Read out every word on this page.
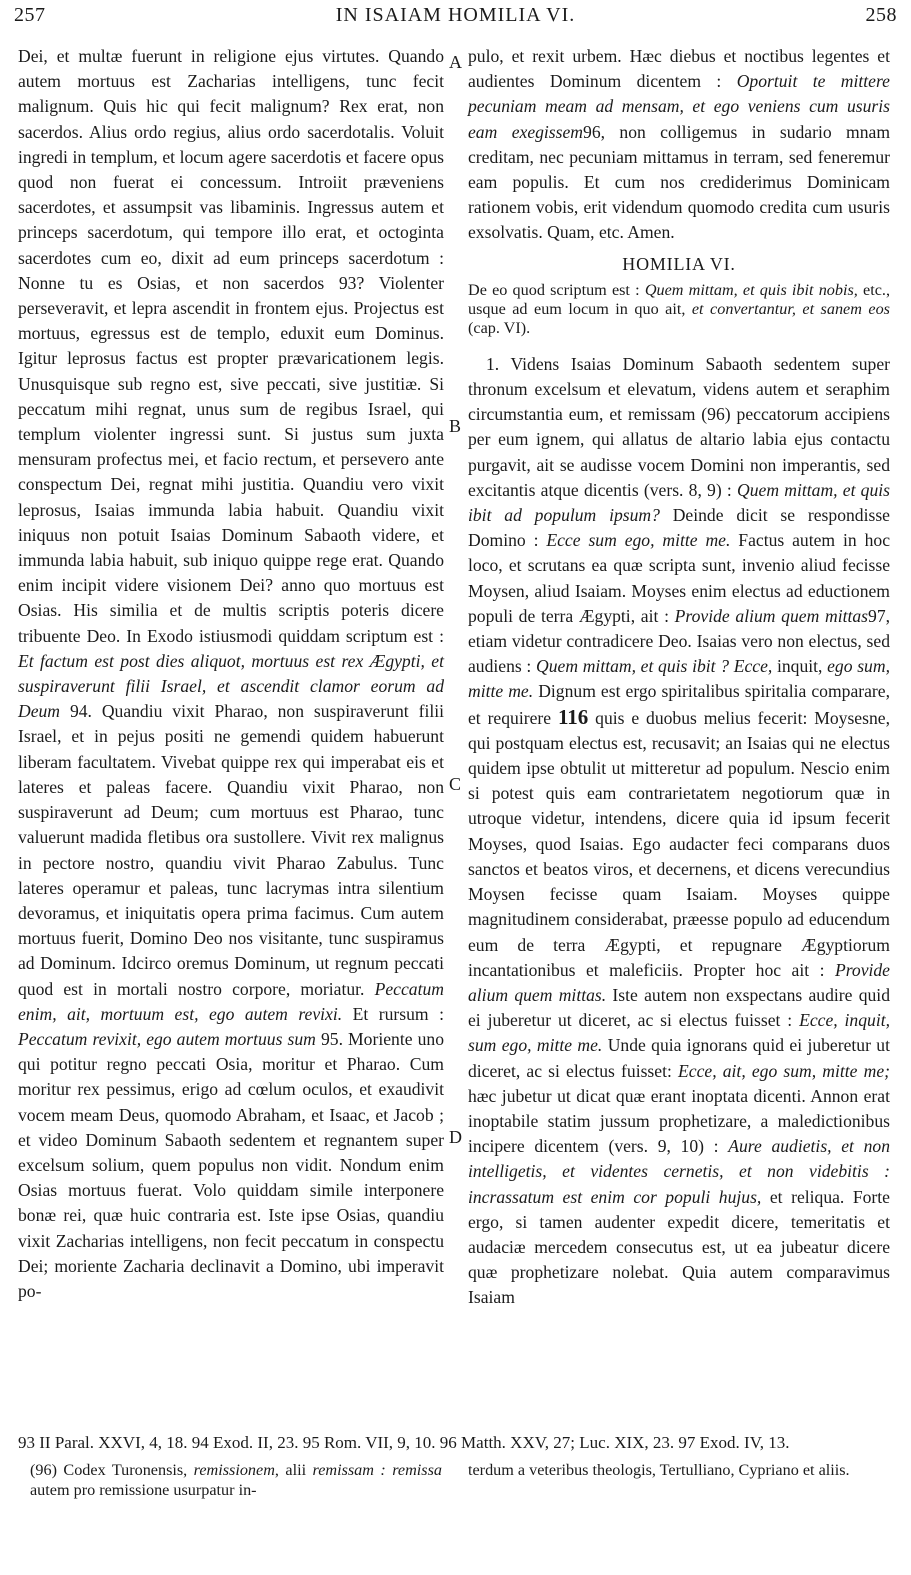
257	IN ISAIAM HOMILIA VI.	258
A
B
C
D

Dei, et multæ fuerunt in religione ejus virtutes. Quando autem mortuus est Zacharias intelligens, tunc fecit malignum. Quis hic qui fecit malignum? Rex erat, non sacerdos. Alius ordo regius, alius ordo sacerdotalis. Voluit ingredi in templum, et locum agere sacerdotis et facere opus quod non fuerat ei concessum. Introiit præveniens sacerdotes, et assumpsit vas libaminis. Ingressus autem et princeps sacerdotum, qui tempore illo erat, et octoginta sacerdotes cum eo, dixit ad eum princeps sacerdotum : Nonne tu es Osias, et non sacerdos 93? Violenter perseveravit, et lepra ascendit in frontem ejus. Projectus est mortuus, egressus est de templo, eduxit eum Dominus. Igitur leprosus factus est propter prævaricationem legis. Unusquisque sub regno est, sive peccati, sive justitiæ. Si peccatum mihi regnat, unus sum de regibus Israel, qui templum violenter ingressi sunt. Si justus sum juxta mensuram profectus mei, et facio rectum, et persevero ante conspectum Dei, regnat mihi justitia. Quandiu vero vixit leprosus, Isaias immunda labia habuit. Quandiu vixit iniquus non potuit Isaias Dominum Sabaoth videre, et immunda labia habuit, sub iniquo quippe rege erat. Quando enim incipit videre visionem Dei? anno quo mortuus est Osias. His similia et de multis scriptis poteris dicere tribuente Deo. In Exodo istiusmodi quiddam scriptum est : Et factum est post dies aliquot, mortuus est rex Ægypti, et suspiraverunt filii Israel, et ascendit clamor eorum ad Deum 94. Quandiu vixit Pharao, non suspiraverunt filii Israel, et in pejus positi ne gemendi quidem habuerunt liberam facultatem. Vivebat quippe rex qui imperabat eis et lateres et paleas facere. Quandiu vixit Pharao, non suspiraverunt ad Deum; cum mortuus est Pharao, tunc valuerunt madida fletibus ora sustollere. Vivit rex malignus in pectore nostro, quandiu vivit Pharao Zabulus. Tunc lateres operamur et paleas, tunc lacrymas intra silentium devoramus, et iniquitatis opera prima facimus. Cum autem mortuus fuerit, Domino Deo nos visitante, tunc suspiramus ad Dominum. Idcirco oremus Dominum, ut regnum peccati quod est in mortali nostro corpore, moriatur. Peccatum enim, ait, mortuum est, ego autem revixi. Et rursum : Peccatum revixit, ego autem mortuus sum 95. Moriente uno qui potitur regno peccati Osia, moritur et Pharao. Cum moritur rex pessimus, erigo ad cœlum oculos, et exaudivit vocem meam Deus, quomodo Abraham, et Isaac, et Jacob ; et video Dominum Sabaoth sedentem et regnantem super excelsum solium, quem populus non vidit. Nondum enim Osias mortuus fuerat. Volo quiddam simile interponere bonæ rei, quæ huic contraria est. Iste ipse Osias, quandiu vixit Zacharias intelligens, non fecit peccatum in conspectu Dei; moriente Zacharia declinavit a Domino, ubi imperavit po-

pulo, et rexit urbem. Hæc diebus et noctibus legentes et audientes Dominum dicentem : Oportuit te mittere pecuniam meam ad mensam, et ego veniens cum usuris eam exegissem96, non colligemus in sudario mnam creditam, nec pecuniam mittamus in terram, sed feneremur eam populis. Et cum nos crediderimus Dominicam rationem vobis, erit videndum quomodo credita cum usuris exsolvatis. Quam, etc. Amen.

HOMILIA VI.

De eo quod scriptum est : Quem mittam, et quis ibit nobis, etc., usque ad eum locum in quo ait, et convertantur, et sanem eos (cap. VI).

1. Videns Isaias Dominum Sabaoth sedentem super thronum excelsum et elevatum, videns autem et seraphim circumstantia eum, et remissam (96) peccatorum accipiens per eum ignem, qui allatus de altario labia ejus contactu purgavit, ait se audisse vocem Domini non imperantis, sed excitantis atque dicentis (vers. 8, 9) : Quem mittam, et quis ibit ad populum ipsum? Deinde dicit se respondisse Domino : Ecce sum ego, mitte me. Factus autem in hoc loco, et scrutans ea quæ scripta sunt, invenio aliud fecisse Moysen, aliud Isaiam. Moyses enim electus ad eductionem populi de terra Ægypti, ait : Provide alium quem mittas97, etiam videtur contradicere Deo. Isaias vero non electus, sed audiens : Quem mittam, et quis ibit ? Ecce, inquit, ego sum, mitte me. Dignum est ergo spiritalibus spiritalia comparare, et requirere 116 quis e duobus melius fecerit: Moysesne, qui postquam electus est, recusavit; an Isaias qui ne electus quidem ipse obtulit ut mitteretur ad populum. Nescio enim si potest quis eam contrarietatem negotiorum quæ in utroque videtur, intendens, dicere quia id ipsum fecerit Moyses, quod Isaias. Ego audacter feci comparans duos sanctos et beatos viros, et decernens, et dicens verecundius Moysen fecisse quam Isaiam. Moyses quippe magnitudinem considerabat, præesse populo ad educendum eum de terra Ægypti, et repugnare Ægyptiorum incantationibus et maleficiis. Propter hoc ait : Provide alium quem mittas. Iste autem non exspectans audire quid ei juberetur ut diceret, ac si electus fuisset : Ecce, inquit, sum ego, mitte me. Unde quia ignorans quid ei juberetur ut diceret, ac si electus fuisset: Ecce, ait, ego sum, mitte me; hæc jubetur ut dicat quæ erant inoptata dicenti. Annon erat inoptabile statim jussum prophetizare, a maledictionibus incipere dicentem (vers. 9, 10) : Aure audietis, et non intelligetis, et videntes cernetis, et non videbitis : incrassatum est enim cor populi hujus, et reliqua. Forte ergo, si tamen audenter expedit dicere, temeritatis et audaciæ mercedem consecutus est, ut ea jubeatur dicere quæ prophetizare nolebat. Quia autem comparavimus Isaiam

93 II Paral. XXVI, 4, 18. 94 Exod. II, 23. 95 Rom. VII, 9, 10. 96 Matth. XXV, 27; Luc. XIX, 23. 97 Exod. IV, 13.
(96) Codex Turonensis, remissionem, alii remissam : remissa autem pro remissione usurpatur in-
terdum a veteribus theologis, Tertulliano, Cypriano et aliis.
